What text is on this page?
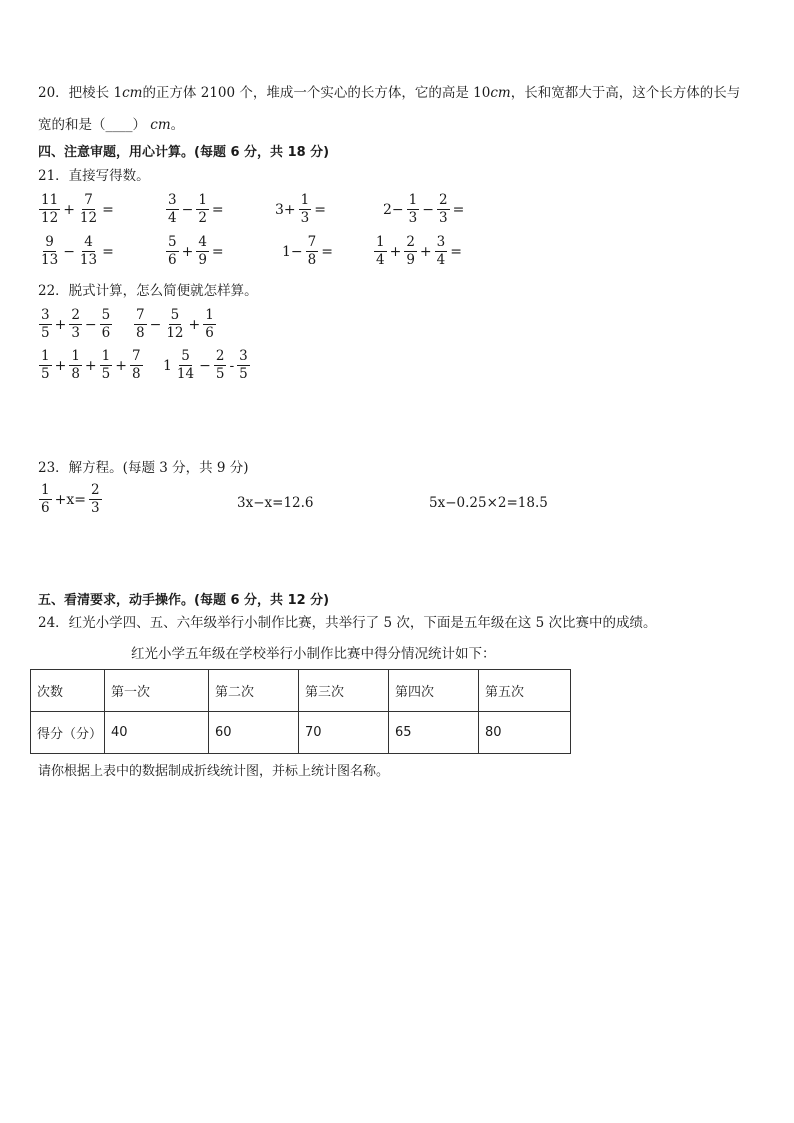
20．把棱长 1cm的正方体 2100 个，堆成一个实心的长方体，它的高是 10cm，长和宽都大于高，这个长方体的长与
宽的和是（____） cm。
四、注意审题，用心计算。(每题 6 分，共 18 分)
21．直接写得数。
$\frac{11}{12} + \frac{7}{12}$ =	$\frac{3}{4} - \frac{1}{2}$ =	$3+ \frac{1}{3}$ =	$2- \frac{1}{3} - \frac{2}{3}$ =
$\frac{9}{13} - \frac{4}{13}$ =	$\frac{5}{6} + \frac{4}{9}$ =	$1- \frac{7}{8}$ =	$\frac{1}{4} + \frac{2}{9} + \frac{3}{4}$ =
22．脱式计算，怎么简便就怎样算。
$\frac{3}{5} + \frac{2}{3} - \frac{5}{6} \frac{7}{8} - \frac{5}{12} + \frac{1}{6}$
$\frac{1}{5} + \frac{1}{8} + \frac{1}{5} + \frac{7}{8} 1 \frac{5}{14} - \frac{2}{5} - \frac{3}{5}$
23．解方程。(每题 3 分，共 9 分)
$\frac{1}{6} +x= \frac{2}{3}$	3x−x=12.6	5x−0.25×2=18.5
五、看清要求，动手操作。(每题 6 分，共 12 分)
24．红光小学四、五、六年级举行小制作比赛，共举行了 5 次，下面是五年级在这 5 次比赛中的成绩。
红光小学五年级在学校举行小制作比赛中得分情况统计如下：
次数	第一次	第二次	第三次	第四次	第五次
得分（分）	40	60	70	65	80
请你根据上表中的数据制成折线统计图，并标上统计图名称。
